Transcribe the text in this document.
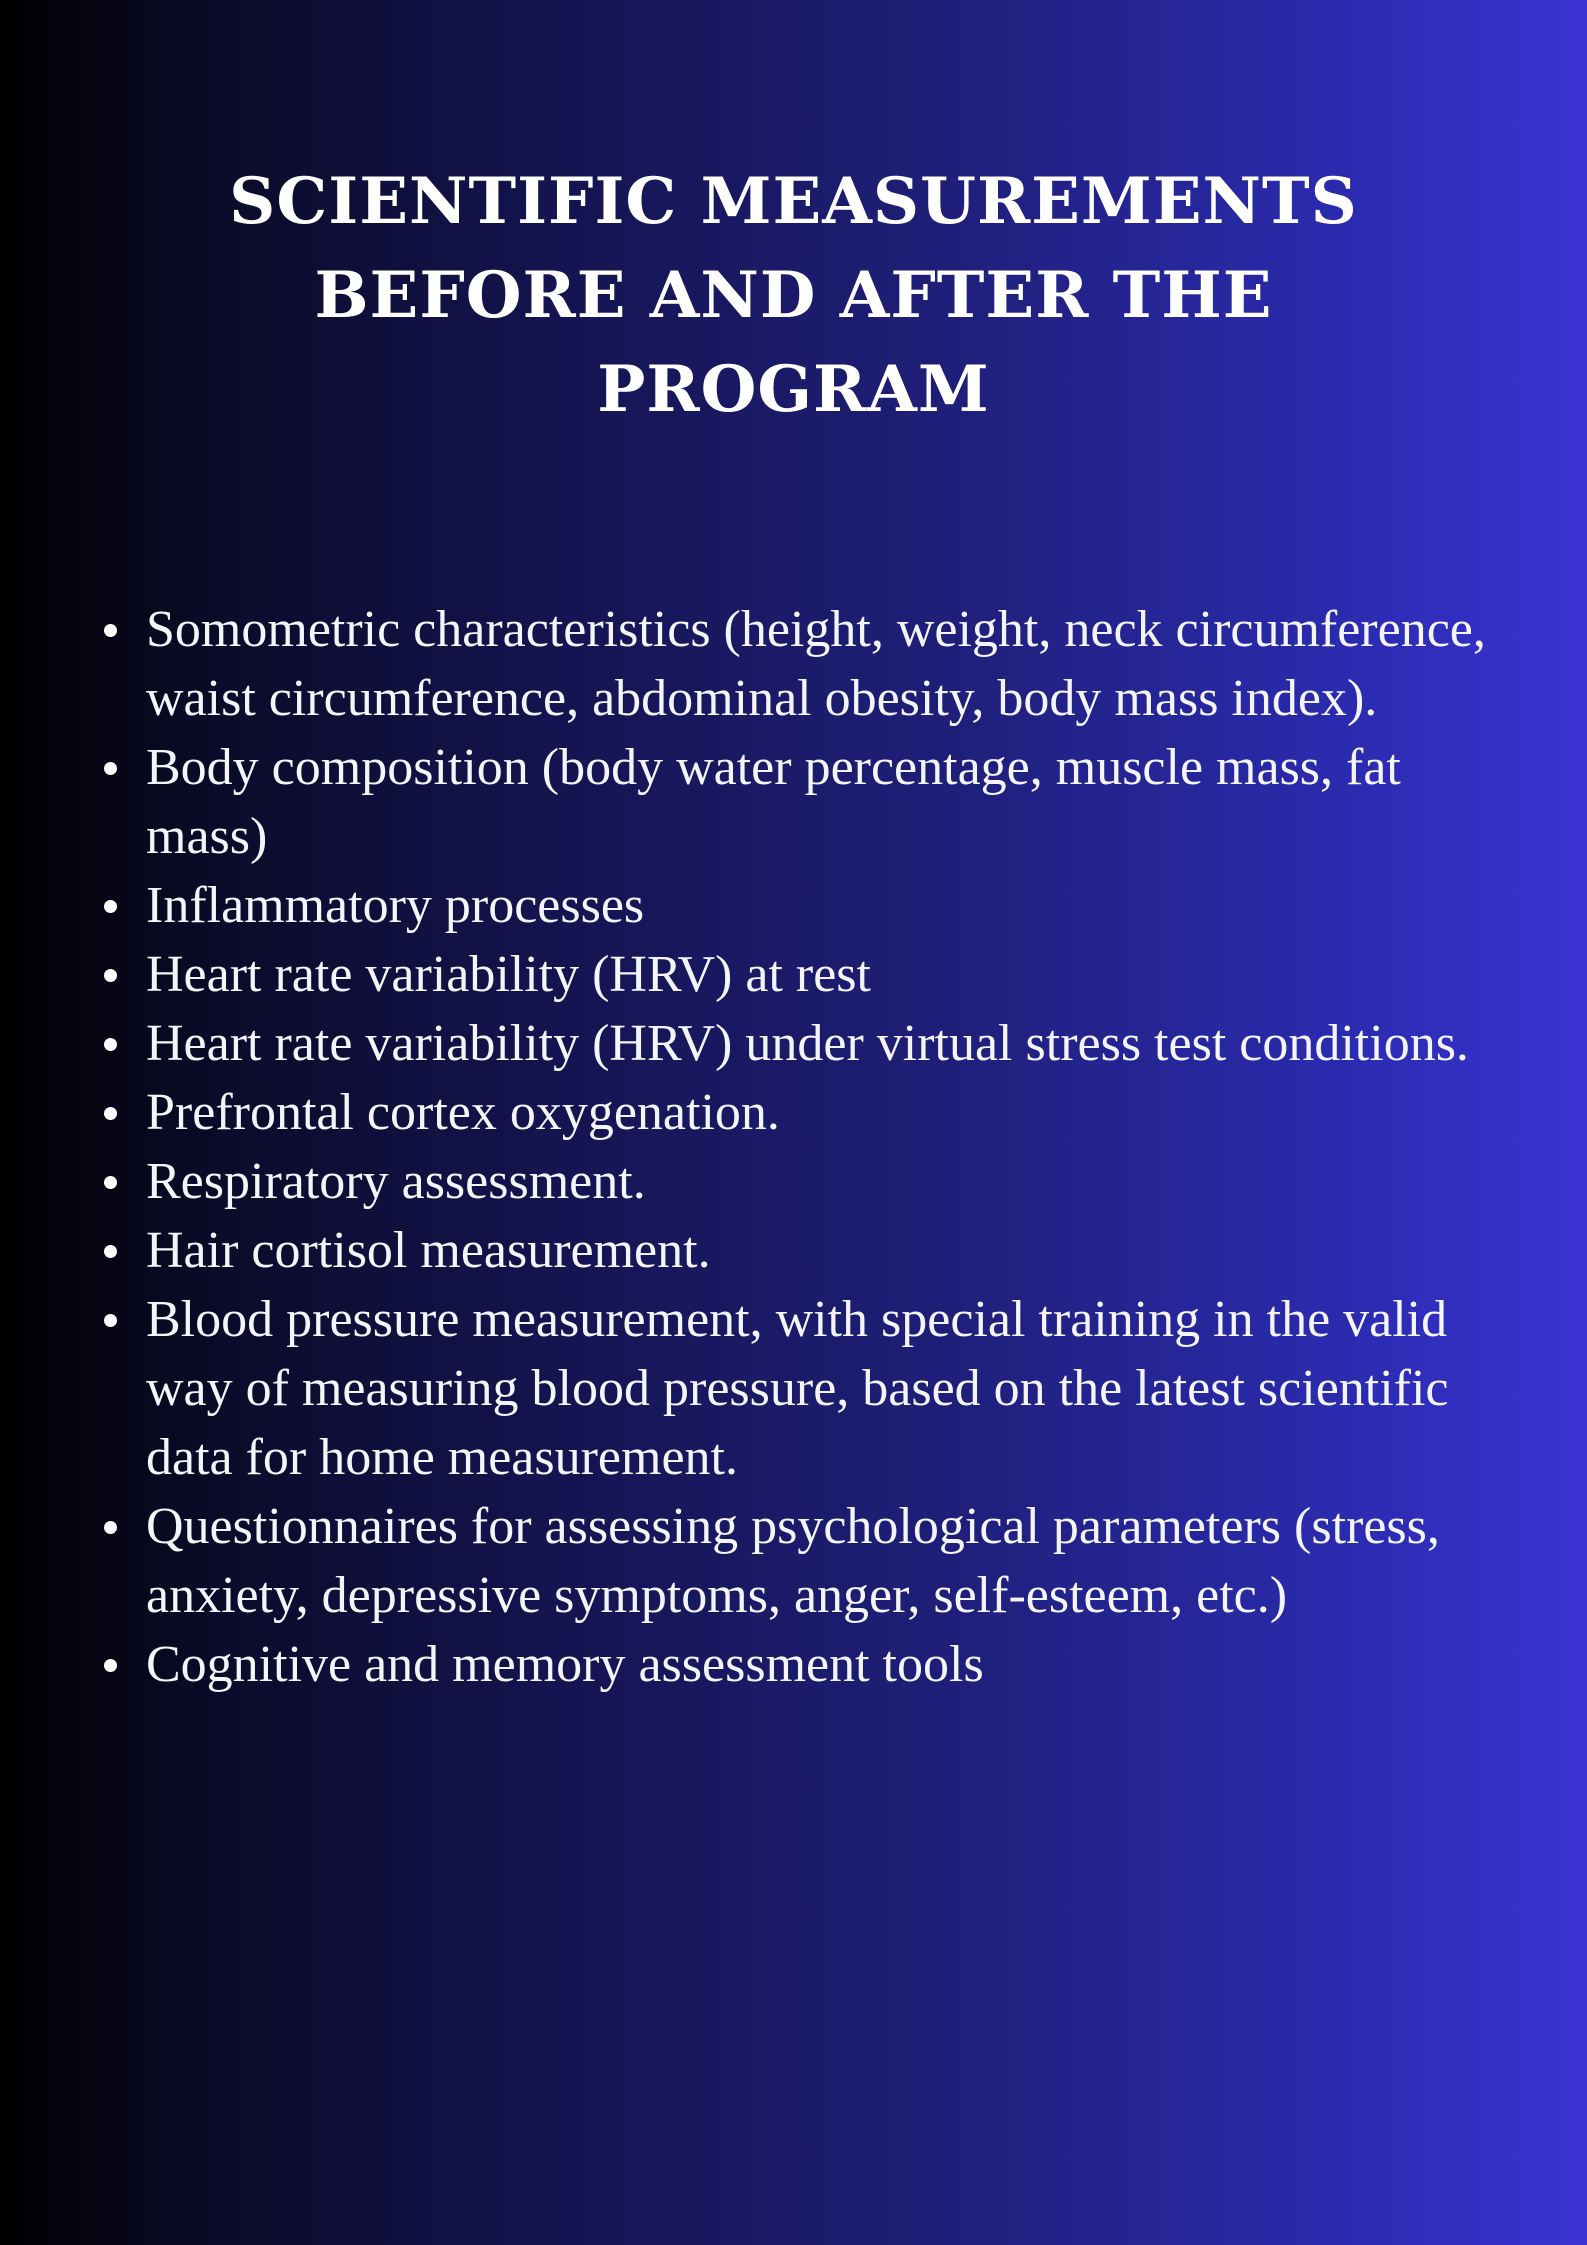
SCIENTIFIC MEASUREMENTS BEFORE AND AFTER THE PROGRAM
Somometric characteristics (height, weight, neck circumference, waist circumference, abdominal obesity, body mass index).
Body composition (body water percentage, muscle mass, fat mass)
Inflammatory processes
Heart rate variability (HRV) at rest
Heart rate variability (HRV) under virtual stress test conditions.
Prefrontal cortex oxygenation.
Respiratory assessment.
Hair cortisol measurement.
Blood pressure measurement, with special training in the valid way of measuring blood pressure, based on the latest scientific data for home measurement.
Questionnaires for assessing psychological parameters (stress, anxiety, depressive symptoms, anger, self-esteem, etc.)
Cognitive and memory assessment tools
